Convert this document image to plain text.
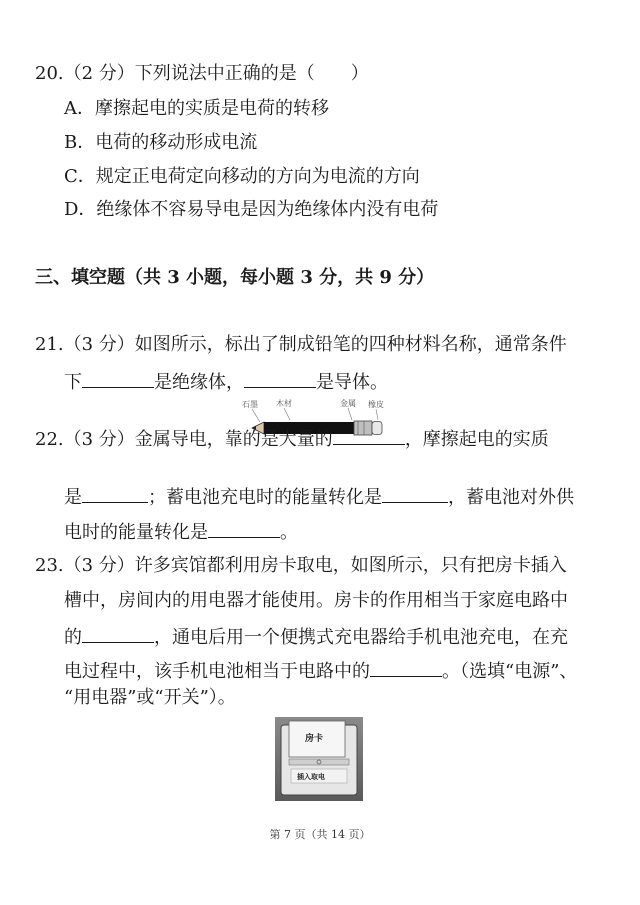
20.（2 分）下列说法中正确的是（　　）
A．摩擦起电的实质是电荷的转移
B．电荷的移动形成电流
C．规定正电荷定向移动的方向为电流的方向
D．绝缘体不容易导电是因为绝缘体内没有电荷
三、填空题（共 3 小题，每小题 3 分，共 9 分）
21.（3 分）如图所示，标出了制成铅笔的四种材料名称，通常条件
下	是绝缘体，	是导体。
石墨 木材	金属 橡皮
22.（3 分）金属导电，靠的是大量的	，摩擦起电的实质
是	；蓄电池充电时的能量转化是	，蓄电池对外供
电时的能量转化是	。
23.（3 分）许多宾馆都利用房卡取电，如图所示，只有把房卡插入
槽中，房间内的用电器才能使用。房卡的作用相当于家庭电路中
的	，通电后用一个便携式充电器给手机电池充电，在充
电过程中，该手机电池相当于电路中的	。（选填“电源”、
“用电器”或“开关”）。
房卡
插入取电
第 7 页（共 14 页）
